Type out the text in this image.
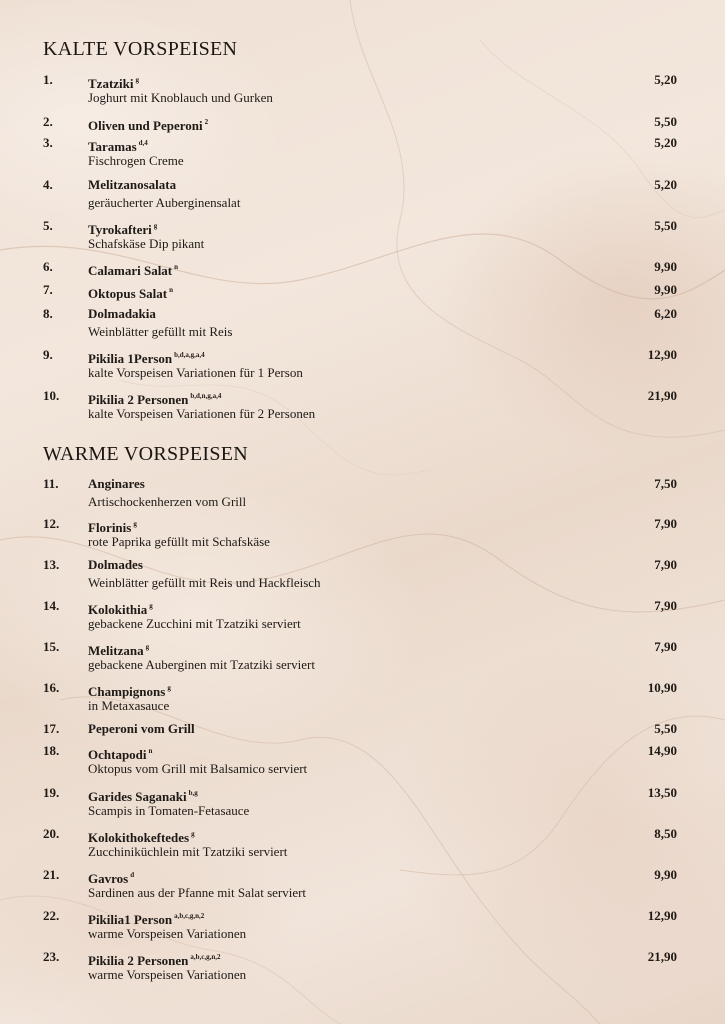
KALTE VORSPEISEN
1.	Tzatziki $^g$
Joghurt mit Knoblauch und Gurken
5,20
2.	Oliven und Peperoni $^2$	5,50
3.	Taramas $^{d,4}$
Fischrogen Creme
5,20
4.	Melitzanosalata
geräucherter Auberginensalat
5,20
5.	Tyrokafteri $^g$
Schafskäse Dip pikant
5,50
6.	Calamari Salat $^n$	9,90
7.	Oktopus Salat $^n$	9,90
8.	Dolmadakia
Weinblätter gefüllt mit Reis
6,20
9.	Pikilia 1Person $^{b,d,a,g,a,4}$
kalte Vorspeisen Variationen für 1 Person
12,90
10. Pikilia 2 Personen $^{b,d,n,g,a,4}$
kalte Vorspeisen Variationen für 2 Personen
21,90
WARME VORSPEISEN
11. Anginares
Artischockenherzen vom Grill
7,50
12. Florinis $^g$
rote Paprika gefüllt mit Schafskäse
7,90
13. Dolmades
Weinblätter gefüllt mit Reis und Hackfleisch
7,90
14. Kolokithia $^g$
gebackene Zucchini mit Tzatziki serviert
7,90
15. Melitzana $^g$
gebackene Auberginen mit Tzatziki serviert
7,90
16. Champignons $^g$
in Metaxasauce
10,90
17. Peperoni vom Grill	5,50
18. Ochtapodi $^n$
Oktopus vom Grill mit Balsamico serviert
14,90
19. Garides Saganaki $^{b,g}$
Scampis in Tomaten-Fetasauce
13,50
20. Kolokithokeftedes $^g$
Zucchiniküchlein mit Tzatziki serviert
8,50
21. Gavros $^d$
Sardinen aus der Pfanne mit Salat serviert
9,90
22. Pikilia1 Person $^{a,b,c,g,n,2}$
warme Vorspeisen Variationen
12,90
23. Pikilia 2 Personen $^{a,b,c,g,n,2}$
warme Vorspeisen Variationen
21,90
